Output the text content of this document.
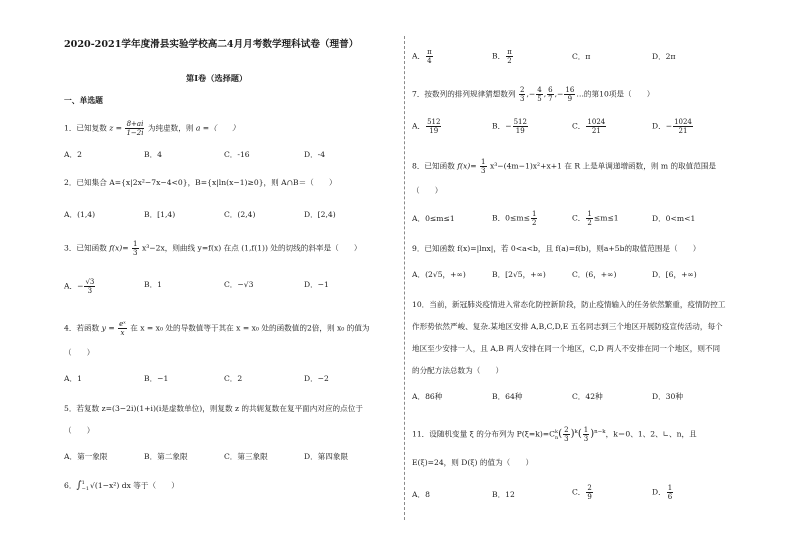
2020-2021学年度滑县实验学校高二4月月考数学理科试卷（理普）
第I卷（选择题）
一、单选题
1．已知复数 $z = \frac{8+ai}{1-2i}$ 为纯虚数，则 a =（　　）
A．2	B．4	C．-16	D．-4
2．已知集合 A={x|2x²−7x−4<0}，B={x|ln(x−1)≥0}，则 A∩B＝（　　）
A．(1,4)	B．[1,4)	C．(2,4)	D．[2,4)
3．已知函数 $f(x)= \frac{1}{3} x^3-2x$，则曲线 y=f(x) 在点 (1,f(1)) 处的切线的斜率是（　　）
A．− $\frac{√3}{3}$	B．1	C．−√3	D．−1
4．若函数 $y = \frac{\text{eˣ}}{x}$ 在 x = x₀ 处的导数值等于其在 x = x₀ 处的函数值的2倍，则 x₀ 的值为
（　　）
A．1	B．−1	C．2	D．−2
5．若复数 z=(3−2i)(1+i)(i是虚数单位)，则复数 z 的共轭复数在复平面内对应的点位于
（　　）
A．第一象限	B．第二象限	C．第三象限	D．第四象限
6．∫ 1
−1 √(1−x²) dx 等于（　　）
A． $\frac{\pi}{4}$	B． $\frac{\pi}{2}$	C．π	D．2π
7．按数列的排列规律猜想数列 $\frac{2}{3}$ ,− $\frac{4}{5}$ , $\frac{6}{7}$ ,− $\frac{16}{9}$ …的第10项是（　　）
A． $\frac{512}{19}$	B．− $\frac{512}{19}$	C． $\frac{1024}{21}$	D．− $\frac{1024}{21}$
8．已知函数 $f(x)= \frac{1}{3} x^3-(4m-1)x^2+x+1$ 在 R 上是单调递增函数，则 m 的取值范围是
（　　）
A．0≤m≤1	B．$0\le m\le \frac{1}{2}$	C． $\frac{1}{2} \le m\le 1$	D．0<m<1
9．已知函数 f(x)=|lnx|，若 0<a<b，且 f(a)=f(b)，则a+5b的取值范围是（　　）
A．(2√5，+∞)	B．[2√5，+∞)	C．(6，+∞)	D．[6，+∞)
10．当前，新冠肺炎疫情进入常态化防控新阶段，防止疫情输入的任务依然繁重，疫情防控工
作形势依然严峻、复杂.某地区安排 A,B,C,D,E 五名同志到三个地区开展防疫宣传活动，每个
地区至少安排一人，且 A,B 两人安排在同一个地区，C,D 两人不安排在同一个地区，则不同
的分配方法总数为（　　）
A．86种	B．64种	C．42种	D．30种
11．设随机变量 ξ 的分布列为 P(ξ=k)=C k
n ( $\frac{2}{3} )^k( \frac{1}{3} )^{n-k}$，k＝0、1、2、∟、n，且
E(ξ)=24，则 D(ξ) 的值为（　　）
A．8	B．12	C． $\frac{2}{9}$	D． $\frac{1}{6}$
